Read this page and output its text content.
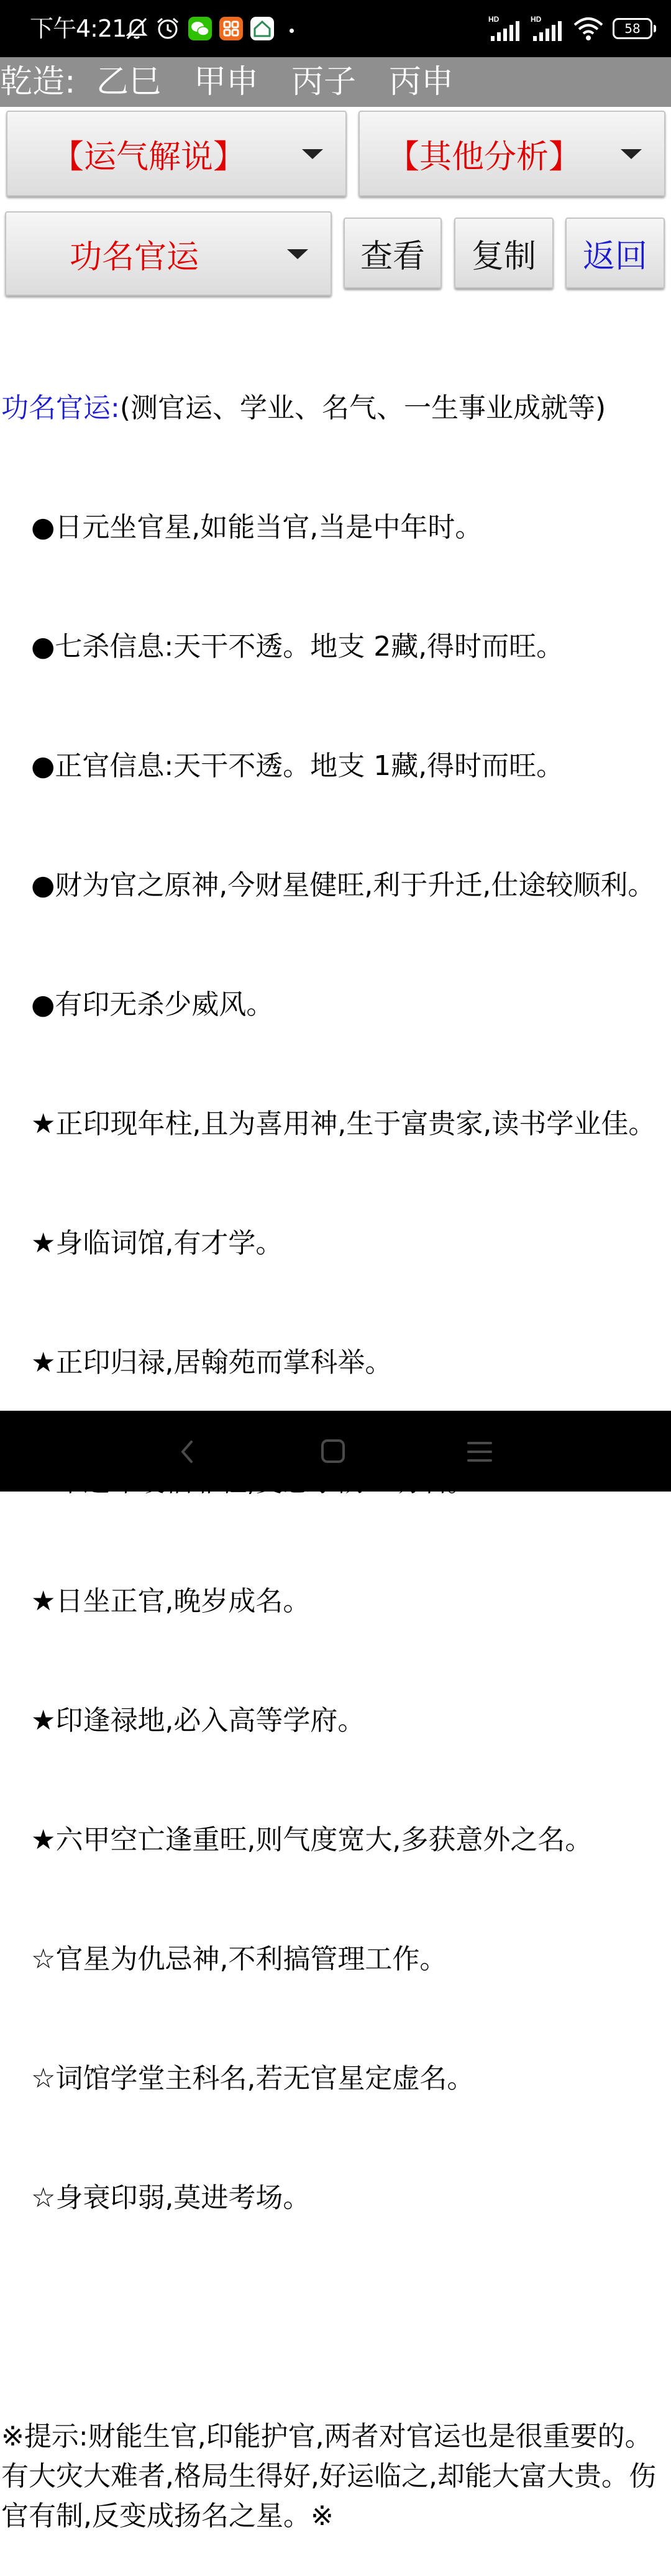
下午4:21	HD	HD
58
乾造: 乙巳 甲申 丙子 丙申
【运气解说】	【其他分析】
功名官运	查看	复制	返回

功名官运:(测官运、学业、名气、一生事业成就等)

●日元坐官星,如能当官,当是中年时。

●七杀信息:天干不透。地支 2藏,得时而旺。

●正官信息:天干不透。地支 1藏,得时而旺。

●财为官之原神,今财星健旺,利于升迁,仕途较顺利。

●有印无杀少威风。

★正印现年柱,且为喜用神,生于富贵家,读书学业佳。

★身临词馆,有才学。

★正印归禄,居翰苑而掌科举。

★日坐正官,晚岁成名。

★印逢禄地,必入高等学府。

★六甲空亡逢重旺,则气度宽大,多获意外之名。

☆官星为仇忌神,不利搞管理工作。

☆词馆学堂主科名,若无官星定虚名。

☆身衰印弱,莫进考场。

※提示:财能生官,印能护官,两者对官运也是很重要的。有大灾大难者,格局生得好,好运临之,却能大富大贵。伤官有制,反变成扬名之星。※
